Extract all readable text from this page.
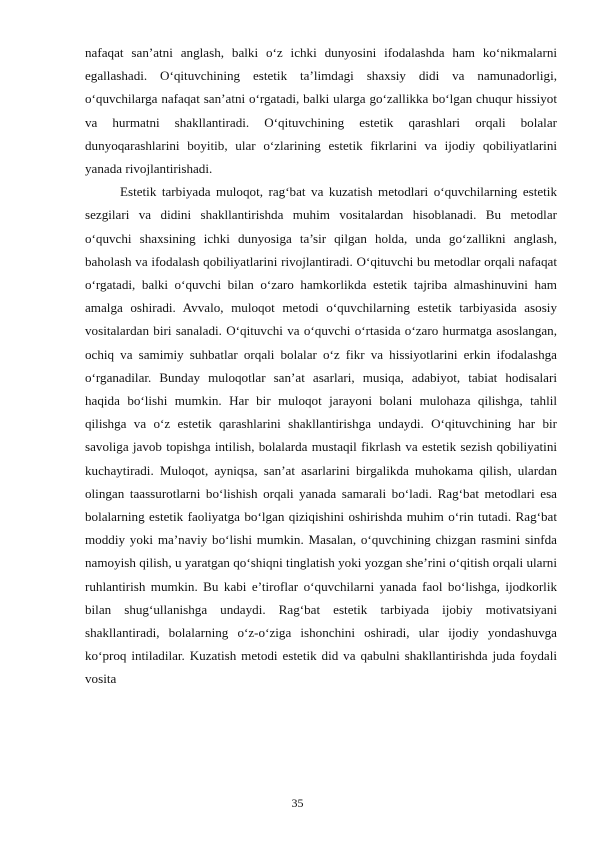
nafaqat san’atni anglash, balki o‘z ichki dunyosini ifodalashda ham ko‘nikmalarni egallashadi. O‘qituvchining estetik ta’limdagi shaxsiy didi va namunadorligi, o‘quvchilarga nafaqat san’atni o‘rgatadi, balki ularga go‘zallikka bo‘lgan chuqur hissiyot va hurmatni shakllantiradi. O‘qituvchining estetik qarashlari orqali bolalar dunyoqarashlarini boyitib, ular o‘zlarining estetik fikrlarini va ijodiy qobiliyatlarini yanada rivojlantirishadi.

Estetik tarbiyada muloqot, rag‘bat va kuzatish metodlari o‘quvchilarning estetik sezgilari va didini shakllantirishda muhim vositalardan hisoblanadi. Bu metodlar o‘quvchi shaxsining ichki dunyosiga ta’sir qilgan holda, unda go‘zallikni anglash, baholash va ifodalash qobiliyatlarini rivojlantiradi. O‘qituvchi bu metodlar orqali nafaqat o‘rgatadi, balki o‘quvchi bilan o‘zaro hamkorlikda estetik tajriba almashinuvini ham amalga oshiradi. Avvalo, muloqot metodi o‘quvchilarning estetik tarbiyasida asosiy vositalardan biri sanaladi. O‘qituvchi va o‘quvchi o‘rtasida o‘zaro hurmatga asoslangan, ochiq va samimiy suhbatlar orqali bolalar o‘z fikr va hissiyotlarini erkin ifodalashga o‘rganadilar. Bunday muloqotlar san’at asarlari, musiqa, adabiyot, tabiat hodisalari haqida bo‘lishi mumkin. Har bir muloqot jarayoni bolani mulohaza qilishga, tahlil qilishga va o‘z estetik qarashlarini shakllantirishga undaydi. O‘qituvchining har bir savoliga javob topishga intilish, bolalarda mustaqil fikrlash va estetik sezish qobiliyatini kuchaytiradi. Muloqot, ayniqsa, san’at asarlarini birgalikda muhokama qilish, ulardan olingan taassurotlarni bo‘lishish orqali yanada samarali bo‘ladi. Rag‘bat metodlari esa bolalarning estetik faoliyatga bo‘lgan qiziqishini oshirishda muhim o‘rin tutadi. Rag‘bat moddiy yoki ma’naviy bo‘lishi mumkin. Masalan, o‘quvchining chizgan rasmini sinfda namoyish qilish, u yaratgan qo‘shiqni tinglatish yoki yozgan she’rini o‘qitish orqali ularni ruhlantirish mumkin. Bu kabi e’tiroflar o‘quvchilarni yanada faol bo‘lishga, ijodkorlik bilan shug‘ullanishga undaydi. Rag‘bat estetik tarbiyada ijobiy motivatsiyani shakllantiradi, bolalarning o‘z-o‘ziga ishonchini oshiradi, ular ijodiy yondashuvga ko‘proq intiladilar. Kuzatish metodi estetik did va qabulni shakllantirishda juda foydali vosita

35
